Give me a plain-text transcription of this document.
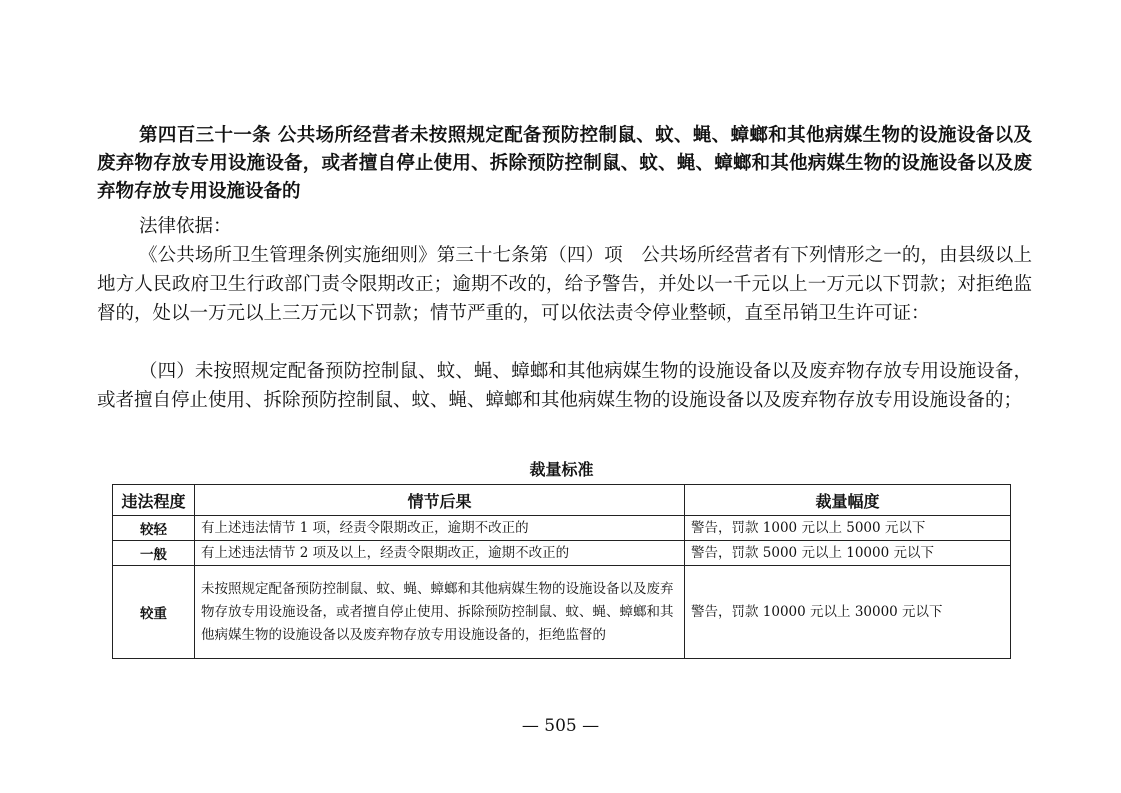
第四百三十一条 公共场所经营者未按照规定配备预防控制鼠、蚊、蝇、蟑螂和其他病媒生物的设施设备以及废弃物存放专用设施设备，或者擅自停止使用、拆除预防控制鼠、蚊、蝇、蟑螂和其他病媒生物的设施设备以及废弃物存放专用设施设备的

法律依据：

《公共场所卫生管理条例实施细则》第三十七条第（四）项　公共场所经营者有下列情形之一的，由县级以上地方人民政府卫生行政部门责令限期改正；逾期不改的，给予警告，并处以一千元以上一万元以下罚款；对拒绝监督的，处以一万元以上三万元以下罚款；情节严重的，可以依法责令停业整顿，直至吊销卫生许可证：

（四）未按照规定配备预防控制鼠、蚊、蝇、蟑螂和其他病媒生物的设施设备以及废弃物存放专用设施设备，或者擅自停止使用、拆除预防控制鼠、蚊、蝇、蟑螂和其他病媒生物的设施设备以及废弃物存放专用设施设备的；

裁量标准
违法程度	情节后果	裁量幅度
较轻	有上述违法情节 1 项，经责令限期改正，逾期不改正的	警告，罚款 1000 元以上 5000 元以下
一般	有上述违法情节 2 项及以上，经责令限期改正，逾期不改正的	警告，罚款 5000 元以上 10000 元以下
较重	未按照规定配备预防控制鼠、蚊、蝇、蟑螂和其他病媒生物的设施设备以及废弃物存放专用设施设备，或者擅自停止使用、拆除预防控制鼠、蚊、蝇、蟑螂和其他病媒生物的设施设备以及废弃物存放专用设施设备的，拒绝监督的	警告，罚款 10000 元以上 30000 元以下
— 505 —
